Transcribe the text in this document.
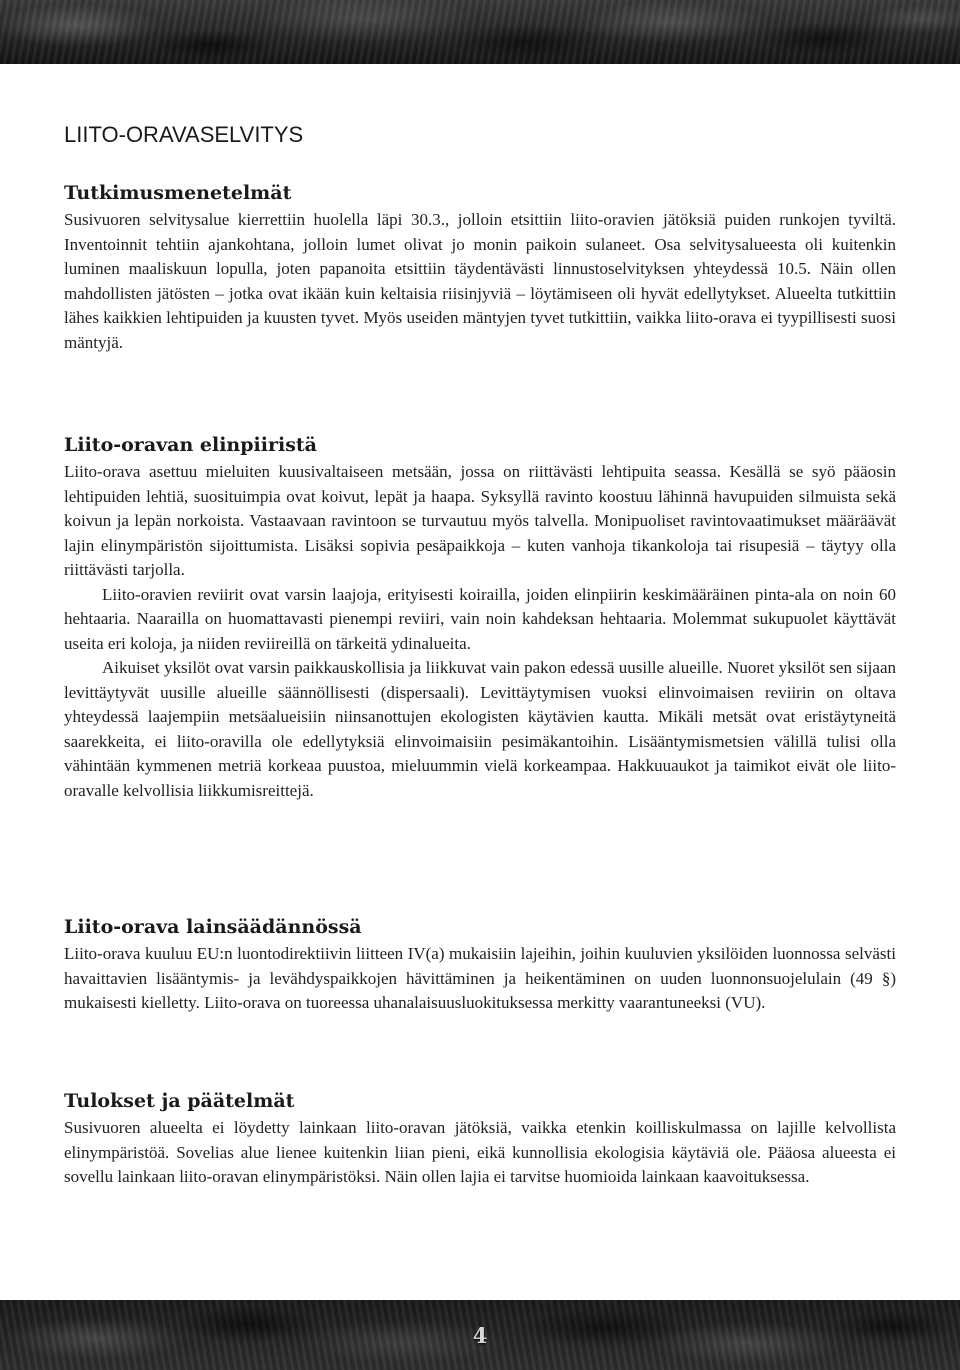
LIITO-ORAVASELVITYS
Tutkimusmenetelmät

Susivuoren selvitysalue kierrettiin huolella läpi 30.3., jolloin etsittiin liito-oravien jätöksiä puiden runkojen tyviltä. Inventoinnit tehtiin ajankohtana, jolloin lumet olivat jo monin paikoin sulaneet. Osa selvitysalueesta oli kuitenkin luminen maaliskuun lopulla, joten papanoita etsittiin täydentävästi linnustoselvityksen yhteydessä 10.5. Näin ollen mahdollisten jätösten – jotka ovat ikään kuin keltaisia riisinjyviä – löytämiseen oli hyvät edellytykset. Alueelta tutkittiin lähes kaikkien lehtipuiden ja kuusten tyvet. Myös useiden mäntyjen tyvet tutkittiin, vaikka liito-orava ei tyypillisesti suosi mäntyjä.

Liito-oravan elinpiiristä

Liito-orava asettuu mieluiten kuusivaltaiseen metsään, jossa on riittävästi lehtipuita seassa. Kesällä se syö pääosin lehtipuiden lehtiä, suosituimpia ovat koivut, lepät ja haapa. Syksyllä ravinto koostuu lähinnä havupuiden silmuista sekä koivun ja lepän norkoista. Vastaavaan ravintoon se turvautuu myös talvella. Monipuoliset ravintovaatimukset määräävät lajin elinympäristön sijoittumista. Lisäksi sopivia pesäpaikkoja – kuten vanhoja tikankoloja tai risupesiä – täytyy olla riittävästi tarjolla.

Liito-oravien reviirit ovat varsin laajoja, erityisesti koirailla, joiden elinpiirin keskimääräinen pinta-ala on noin 60 hehtaaria. Naarailla on huomattavasti pienempi reviiri, vain noin kahdeksan hehtaaria. Molemmat sukupuolet käyttävät useita eri koloja, ja niiden reviireillä on tärkeitä ydinalueita.

Aikuiset yksilöt ovat varsin paikkauskollisia ja liikkuvat vain pakon edessä uusille alueille. Nuoret yksilöt sen sijaan levittäytyvät uusille alueille säännöllisesti (dispersaali). Levittäytymisen vuoksi elinvoimaisen reviirin on oltava yhteydessä laajempiin metsäalueisiin niinsanottujen ekologisten käytävien kautta. Mikäli metsät ovat eristäytyneitä saarekkeita, ei liito-oravilla ole edellytyksiä elinvoimaisiin pesimäkantoihin. Lisääntymismetsien välillä tulisi olla vähintään kymmenen metriä korkeaa puustoa, mieluummin vielä korkeampaa. Hakkuuaukot ja taimikot eivät ole liito-oravalle kelvollisia liikkumisreittejä.

Liito-orava lainsäädännössä

Liito-orava kuuluu EU:n luontodirektiivin liitteen IV(a) mukaisiin lajeihin, joihin kuuluvien yksilöiden luonnossa selvästi havaittavien lisääntymis- ja levähdyspaikkojen hävittäminen ja heikentäminen on uuden luonnonsuojelulain (49 §) mukaisesti kielletty. Liito-orava on tuoreessa uhanalaisuusluokituksessa merkitty vaarantuneeksi (VU).

Tulokset ja päätelmät

Susivuoren alueelta ei löydetty lainkaan liito-oravan jätöksiä, vaikka etenkin koilliskulmassa on lajille kelvollista elinympäristöä. Sovelias alue lienee kuitenkin liian pieni, eikä kunnollisia ekologisia käytäviä ole. Pääosa alueesta ei sovellu lainkaan liito-oravan elinympäristöksi. Näin ollen lajia ei tarvitse huomioida lainkaan kaavoituksessa.

4
